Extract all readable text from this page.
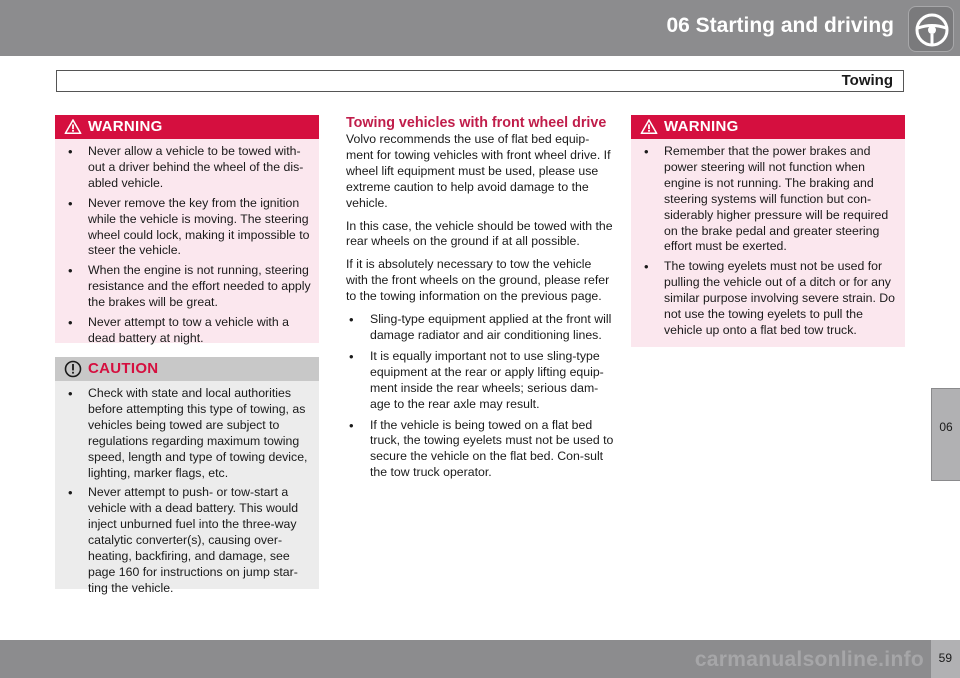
06 Starting and driving
Towing
WARNING
• Never allow a vehicle to be towed with-out a driver behind the wheel of the dis-abled vehicle.
• Never remove the key from the ignition while the vehicle is moving. The steering wheel could lock, making it impossible to steer the vehicle.
• When the engine is not running, steering resistance and the effort needed to apply the brakes will be great.
• Never attempt to tow a vehicle with a dead battery at night.
CAUTION
• Check with state and local authorities before attempting this type of towing, as vehicles being towed are subject to regulations regarding maximum towing speed, length and type of towing device, lighting, marker flags, etc.
• Never attempt to push- or tow-start a vehicle with a dead battery. This would inject unburned fuel into the three-way catalytic converter(s), causing over-heating, backfiring, and damage, see page 160 for instructions on jump star-ting the vehicle.
Towing vehicles with front wheel drive

Volvo recommends the use of flat bed equip-ment for towing vehicles with front wheel drive. If wheel lift equipment must be used, please use extreme caution to help avoid damage to the vehicle.

In this case, the vehicle should be towed with the rear wheels on the ground if at all possible.

If it is absolutely necessary to tow the vehicle with the front wheels on the ground, please refer to the towing information on the previous page.

• Sling-type equipment applied at the front will damage radiator and air conditioning lines.
• It is equally important not to use sling-type equipment at the rear or apply lifting equip-ment inside the rear wheels; serious dam-age to the rear axle may result.
• If the vehicle is being towed on a flat bed truck, the towing eyelets must not be used to secure the vehicle on the flat bed. Con-sult the tow truck operator.
WARNING
• Remember that the power brakes and power steering will not function when engine is not running. The braking and steering systems will function but con-siderably higher pressure will be required on the brake pedal and greater steering effort must be exerted.
• The towing eyelets must not be used for pulling the vehicle out of a ditch or for any similar purpose involving severe strain. Do not use the towing eyelets to pull the vehicle up onto a flat bed tow truck.
06
carmanualsonline.info 59
